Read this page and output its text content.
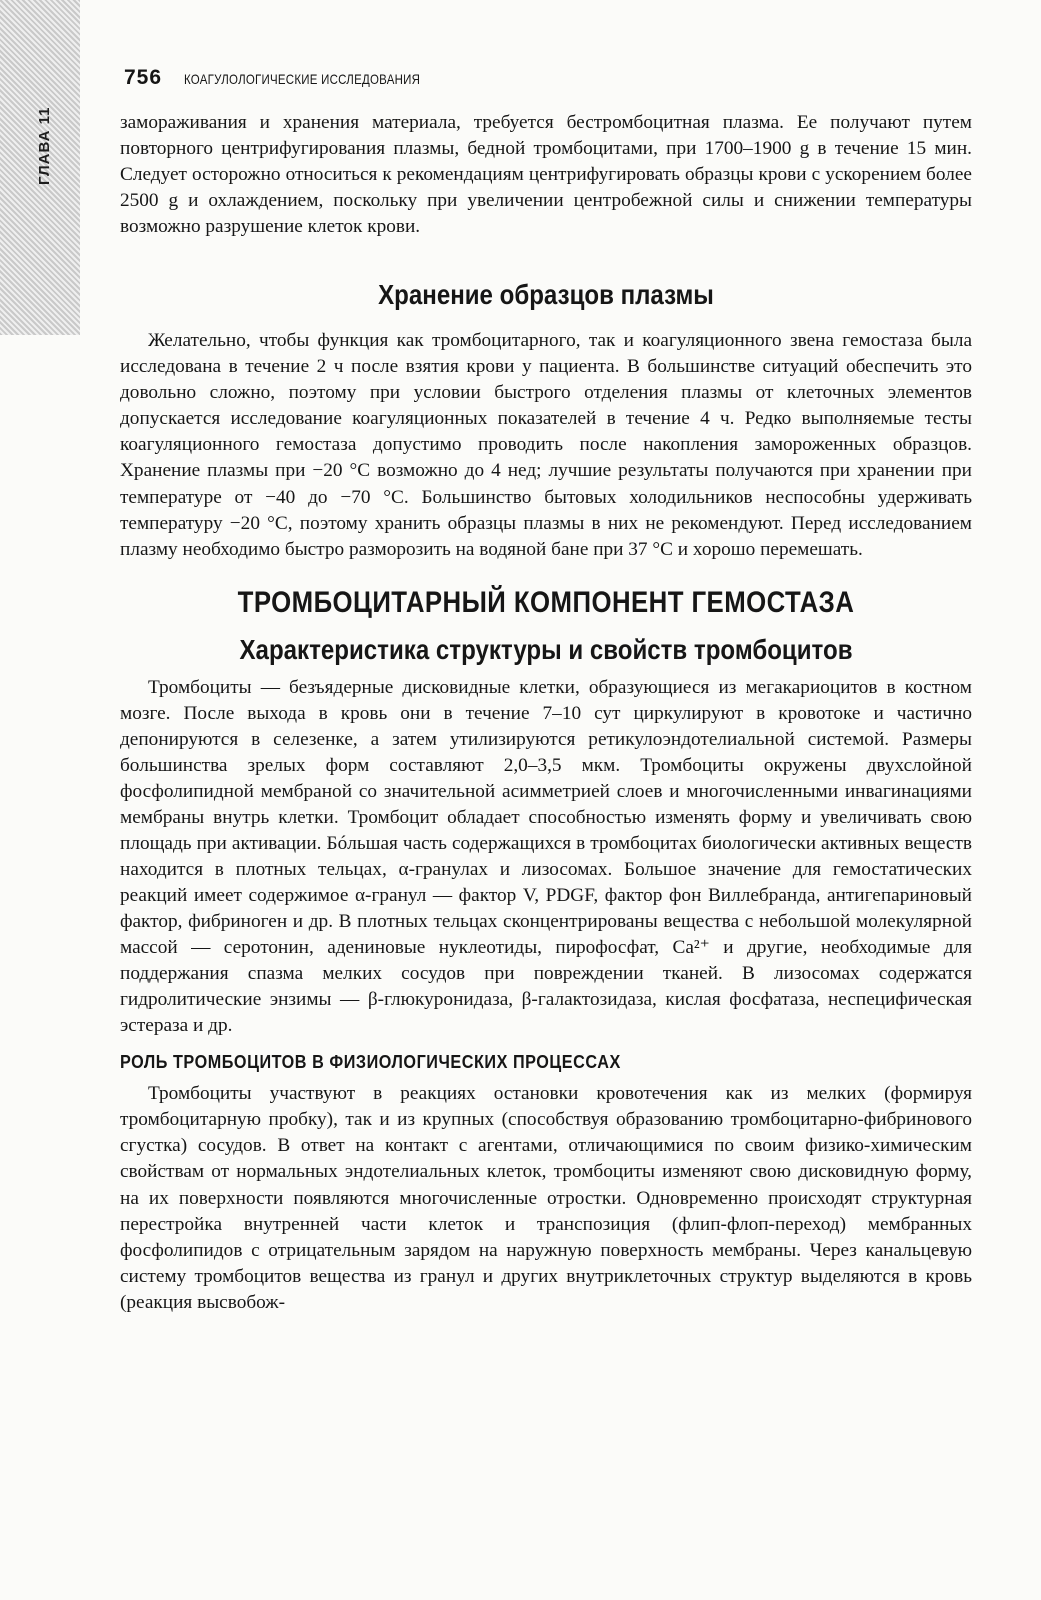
ГЛАВА 11
756 КОАГУЛОЛОГИЧЕСКИЕ ИССЛЕДОВАНИЯ

замораживания и хранения материала, требуется бестромбоцитная плазма. Ее получают путем повторного центрифугирования плазмы, бедной тромбоцитами, при 1700–1900 g в течение 15 мин. Следует осторожно относиться к рекомендациям центрифугировать образцы крови с ускорением более 2500 g и охлаждением, поскольку при увеличении центробежной силы и снижении температуры возможно разрушение клеток крови.

Хранение образцов плазмы

Желательно, чтобы функция как тромбоцитарного, так и коагуляционного звена гемостаза была исследована в течение 2 ч после взятия крови у пациента. В большинстве ситуаций обеспечить это довольно сложно, поэтому при условии быстрого отделения плазмы от клеточных элементов допускается исследование коагуляционных показателей в течение 4 ч. Редко выполняемые тесты коагуляционного гемостаза допустимо проводить после накопления замороженных образцов. Хранение плазмы при −20 °С возможно до 4 нед; лучшие результаты получаются при хранении при температуре от −40 до −70 °С. Большинство бытовых холодильников неспособны удерживать температуру −20 °С, поэтому хранить образцы плазмы в них не рекомендуют. Перед исследованием плазму необходимо быстро разморозить на водяной бане при 37 °С и хорошо перемешать.

ТРОМБОЦИТАРНЫЙ КОМПОНЕНТ ГЕМОСТАЗА
Характеристика структуры и свойств тромбоцитов

Тромбоциты — безъядерные дисковидные клетки, образующиеся из мегакариоцитов в костном мозге. После выхода в кровь они в течение 7–10 сут циркулируют в кровотоке и частично депонируются в селезенке, а затем утилизируются ретикулоэндотелиальной системой. Размеры большинства зрелых форм составляют 2,0–3,5 мкм. Тромбоциты окружены двухслойной фосфолипидной мембраной со значительной асимметрией слоев и многочисленными инвагинациями мембраны внутрь клетки. Тромбоцит обладает способностью изменять форму и увеличивать свою площадь при активации. Бóльшая часть содержащихся в тромбоцитах биологически активных веществ находится в плотных тельцах, α-гранулах и лизосомах. Большое значение для гемостатических реакций имеет содержимое α-гранул — фактор V, PDGF, фактор фон Виллебранда, антигепариновый фактор, фибриноген и др. В плотных тельцах сконцентрированы вещества с небольшой молекулярной массой — серотонин, адениновые нуклеотиды, пирофосфат, Ca²⁺ и другие, необходимые для поддержания спазма мелких сосудов при повреждении тканей. В лизосомах содержатся гидролитические энзимы — β-глюкуронидаза, β-галактозидаза, кислая фосфатаза, неспецифическая эстераза и др.

РОЛЬ ТРОМБОЦИТОВ В ФИЗИОЛОГИЧЕСКИХ ПРОЦЕССАХ

Тромбоциты участвуют в реакциях остановки кровотечения как из мелких (формируя тромбоцитарную пробку), так и из крупных (способствуя образованию тромбоцитарно-фибринового сгустка) сосудов. В ответ на контакт с агентами, отличающимися по своим физико-химическим свойствам от нормальных эндотелиальных клеток, тромбоциты изменяют свою дисковидную форму, на их поверхности появляются многочисленные отростки. Одновременно происходят структурная перестройка внутренней части клеток и транспозиция (флип-флоп-переход) мембранных фосфолипидов с отрицательным зарядом на наружную поверхность мембраны. Через канальцевую систему тромбоцитов вещества из гранул и других внутриклеточных структур выделяются в кровь (реакция высвобож-
